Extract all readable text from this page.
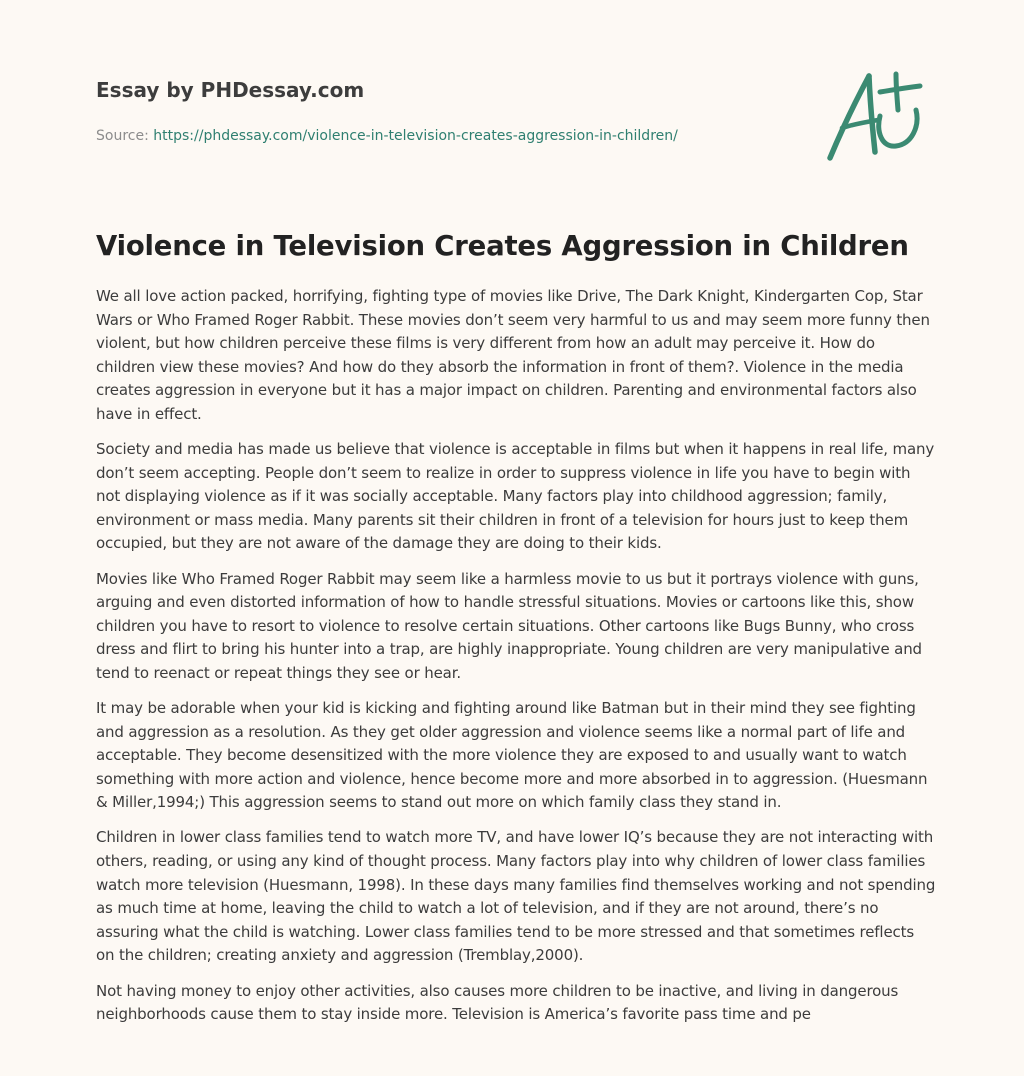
Essay by PHDessay.com
Source: https://phdessay.com/violence-in-television-creates-aggression-in-children/
Violence in Television Creates Aggression in Children

We all love action packed, horrifying, fighting type of movies like Drive, The Dark Knight, Kindergarten Cop, Star Wars or Who Framed Roger Rabbit. These movies don’t seem very harmful to us and may seem more funny then violent, but how children perceive these films is very different from how an adult may perceive it. How do children view these movies? And how do they absorb the information in front of them?. Violence in the media creates aggression in everyone but it has a major impact on children. Parenting and environmental factors also have in effect.

Society and media has made us believe that violence is acceptable in films but when it happens in real life, many don’t seem accepting. People don’t seem to realize in order to suppress violence in life you have to begin with not displaying violence as if it was socially acceptable. Many factors play into childhood aggression; family, environment or mass media. Many parents sit their children in front of a television for hours just to keep them occupied, but they are not aware of the damage they are doing to their kids.

Movies like Who Framed Roger Rabbit may seem like a harmless movie to us but it portrays violence with guns, arguing and even distorted information of how to handle stressful situations. Movies or cartoons like this, show children you have to resort to violence to resolve certain situations. Other cartoons like Bugs Bunny, who cross dress and flirt to bring his hunter into a trap, are highly inappropriate. Young children are very manipulative and tend to reenact or repeat things they see or hear.

It may be adorable when your kid is kicking and fighting around like Batman but in their mind they see fighting and aggression as a resolution. As they get older aggression and violence seems like a normal part of life and acceptable. They become desensitized with the more violence they are exposed to and usually want to watch something with more action and violence, hence become more and more absorbed in to aggression. (Huesmann & Miller,1994;) This aggression seems to stand out more on which family class they stand in.

Children in lower class families tend to watch more TV, and have lower IQ’s because they are not interacting with others, reading, or using any kind of thought process. Many factors play into why children of lower class families watch more television (Huesmann, 1998). In these days many families find themselves working and not spending as much time at home, leaving the child to watch a lot of television, and if they are not around, there’s no assuring what the child is watching. Lower class families tend to be more stressed and that sometimes reflects on the children; creating anxiety and aggression (Tremblay,2000).

Not having money to enjoy other activities, also causes more children to be inactive, and living in dangerous neighborhoods cause them to stay inside more. Television is America’s favorite pass time and pe
